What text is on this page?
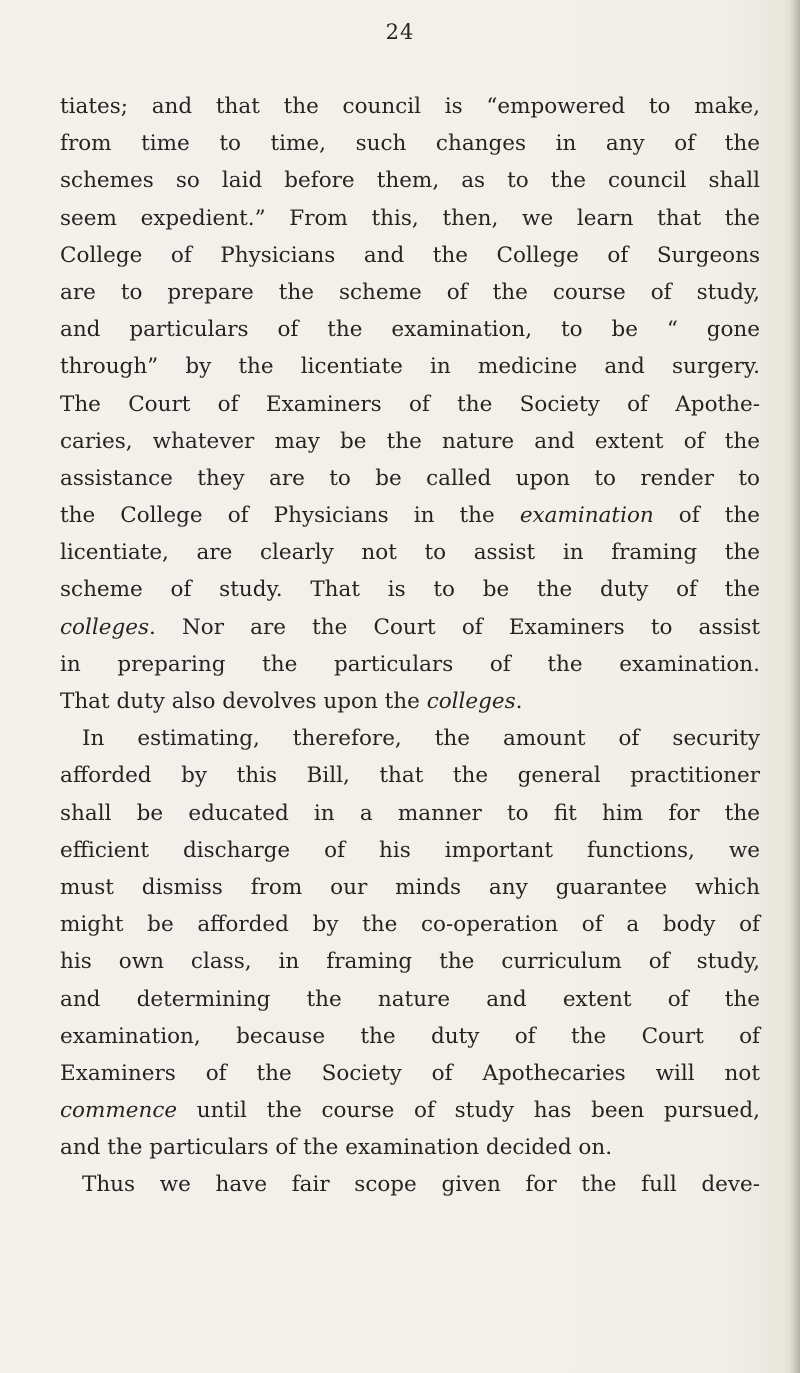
24
tiates; and that the council is “empowered to make,
from time to time, such changes in any of the
schemes so laid before them, as to the council shall
seem expedient.” From this, then, we learn that the
College of Physicians and the College of Surgeons
are to prepare the scheme of the course of study,
and particulars of the examination, to be “ gone
through” by the licentiate in medicine and surgery.
The Court of Examiners of the Society of Apothe-
caries, whatever may be the nature and extent of the
assistance they are to be called upon to render to
the College of Physicians in the examination of the
licentiate, are clearly not to assist in framing the
scheme of study. That is to be the duty of the
colleges. Nor are the Court of Examiners to assist
in preparing the particulars of the examination.
That duty also devolves upon the colleges.
In estimating, therefore, the amount of security
afforded by this Bill, that the general practitioner
shall be educated in a manner to fit him for the
efficient discharge of his important functions, we
must dismiss from our minds any guarantee which
might be afforded by the co-operation of a body of
his own class, in framing the curriculum of study,
and determining the nature and extent of the
examination, because the duty of the Court of
Examiners of the Society of Apothecaries will not
commence until the course of study has been pursued,
and the particulars of the examination decided on.
Thus we have fair scope given for the full deve-
